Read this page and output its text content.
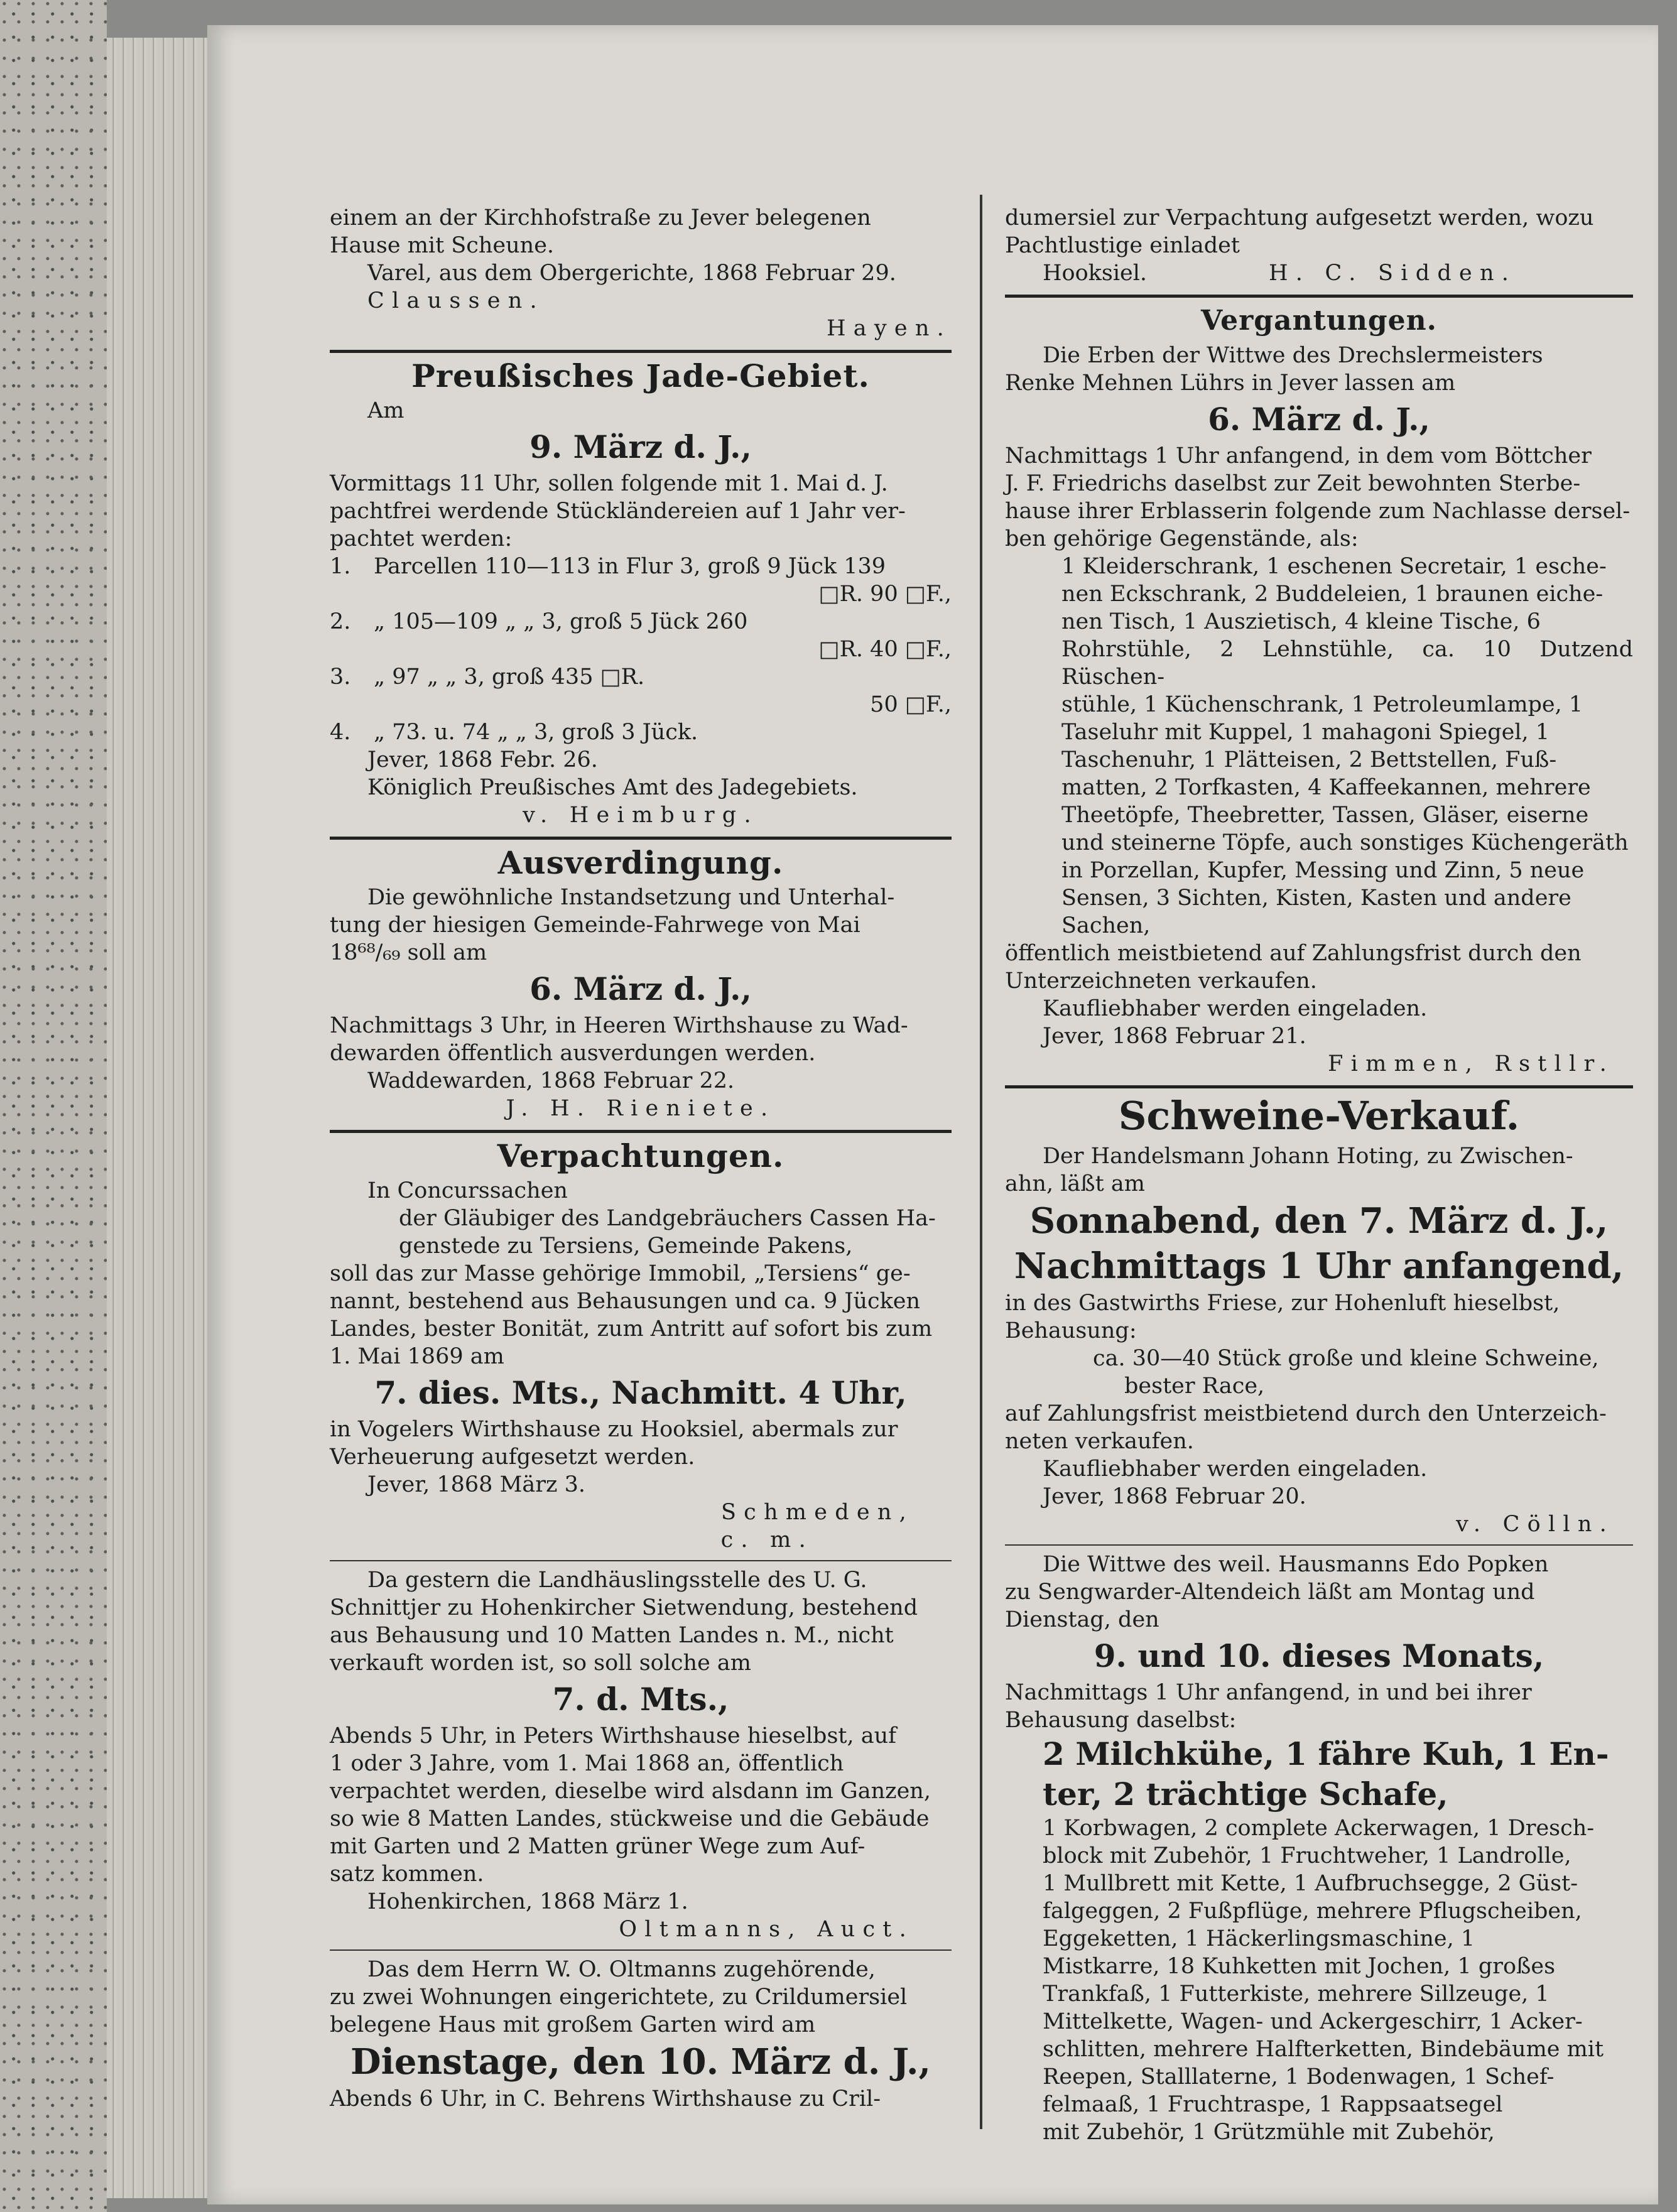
einem an der Kirchhofstraße zu Jever belegenen
Hause mit Scheune.
Varel, aus dem Obergerichte, 1868 Februar 29.
Claussen.
Hayen.
Preußisches Jade-Gebiet.
Am
9. März d. J.,
Vormittags 11 Uhr, sollen folgende mit 1. Mai d. J.
pachtfrei werdende Stückländereien auf 1 Jahr ver-
pachtet werden:
1.	Parcellen 110—113 in Flur 3, groß 9 Jück 139
□R. 90 □F.,
2.	„ 105—109 „ „ 3, groß 5 Jück 260
□R. 40 □F.,
3.	„ 97 „ „ 3, groß 435 □R.
50 □F.,
4.	„ 73. u. 74 „ „ 3, groß 3 Jück.
Jever, 1868 Febr. 26.
Königlich Preußisches Amt des Jadegebiets.
v. Heimburg.
Ausverdingung.
Die gewöhnliche Instandsetzung und Unterhal-
tung der hiesigen Gemeinde-Fahrwege von Mai
18⁶⁸/₆₉ soll am
6. März d. J.,
Nachmittags 3 Uhr, in Heeren Wirthshause zu Wad-
dewarden öffentlich ausverdungen werden.
Waddewarden, 1868 Februar 22.
J. H. Rieniete.
Verpachtungen.
In Concurssachen
der Gläubiger des Landgebräuchers Cassen Ha-
genstede zu Tersiens, Gemeinde Pakens,
soll das zur Masse gehörige Immobil, „Tersiens“ ge-
nannt, bestehend aus Behausungen und ca. 9 Jücken
Landes, bester Bonität, zum Antritt auf sofort bis zum
1. Mai 1869 am
7. dies. Mts., Nachmitt. 4 Uhr,
in Vogelers Wirthshause zu Hooksiel, abermals zur
Verheuerung aufgesetzt werden.
Jever, 1868 März 3.
Schmeden,
c. m.
Da gestern die Landhäuslingsstelle des U. G.
Schnittjer zu Hohenkircher Sietwendung, bestehend
aus Behausung und 10 Matten Landes n. M., nicht
verkauft worden ist, so soll solche am
7. d. Mts.,
Abends 5 Uhr, in Peters Wirthshause hieselbst, auf
1 oder 3 Jahre, vom 1. Mai 1868 an, öffentlich
verpachtet werden, dieselbe wird alsdann im Ganzen,
so wie 8 Matten Landes, stückweise und die Gebäude
mit Garten und 2 Matten grüner Wege zum Auf-
satz kommen.
Hohenkirchen, 1868 März 1.
Oltmanns, Auct.
Das dem Herrn W. O. Oltmanns zugehörende,
zu zwei Wohnungen eingerichtete, zu Crildumersiel
belegene Haus mit großem Garten wird am
Dienstage, den 10. März d. J.,
Abends 6 Uhr, in C. Behrens Wirthshause zu Cril-
dumersiel zur Verpachtung aufgesetzt werden, wozu
Pachtlustige einladet
Hooksiel.	H. C. Sidden.
Vergantungen.
Die Erben der Wittwe des Drechslermeisters
Renke Mehnen Lührs in Jever lassen am
6. März d. J.,
Nachmittags 1 Uhr anfangend, in dem vom Böttcher
J. F. Friedrichs daselbst zur Zeit bewohnten Sterbe-
hause ihrer Erblasserin folgende zum Nachlasse dersel-
ben gehörige Gegenstände, als:
1 Kleiderschrank, 1 eschenen Secretair, 1 esche-
nen Eckschrank, 2 Buddeleien, 1 braunen eiche-
nen Tisch, 1 Auszietisch, 4 kleine Tische, 6
Rohrstühle, 2 Lehnstühle, ca. 10 Dutzend Rüschen-
stühle, 1 Küchenschrank, 1 Petroleumlampe, 1
Taseluhr mit Kuppel, 1 mahagoni Spiegel, 1
Taschenuhr, 1 Plätteisen, 2 Bettstellen, Fuß-
matten, 2 Torfkasten, 4 Kaffeekannen, mehrere
Theetöpfe, Theebretter, Tassen, Gläser, eiserne
und steinerne Töpfe, auch sonstiges Küchengeräth
in Porzellan, Kupfer, Messing und Zinn, 5 neue
Sensen, 3 Sichten, Kisten, Kasten und andere
Sachen,
öffentlich meistbietend auf Zahlungsfrist durch den
Unterzeichneten verkaufen.
Kaufliebhaber werden eingeladen.
Jever, 1868 Februar 21.
Fimmen, Rstllr.
Schweine-Verkauf.
Der Handelsmann Johann Hoting, zu Zwischen-
ahn, läßt am
Sonnabend, den 7. März d. J.,
Nachmittags 1 Uhr anfangend,
in des Gastwirths Friese, zur Hohenluft hieselbst,
Behausung:
ca. 30—40 Stück große und kleine Schweine,
bester Race,
auf Zahlungsfrist meistbietend durch den Unterzeich-
neten verkaufen.
Kaufliebhaber werden eingeladen.
Jever, 1868 Februar 20.
v. Cölln.
Die Wittwe des weil. Hausmanns Edo Popken
zu Sengwarder-Altendeich läßt am Montag und
Dienstag, den
9. und 10. dieses Monats,
Nachmittags 1 Uhr anfangend, in und bei ihrer
Behausung daselbst:
2 Milchkühe, 1 fähre Kuh, 1 En-
ter, 2 trächtige Schafe,
1 Korbwagen, 2 complete Ackerwagen, 1 Dresch-
block mit Zubehör, 1 Fruchtweher, 1 Landrolle,
1 Mullbrett mit Kette, 1 Aufbruchsegge, 2 Güst-
falgeggen, 2 Fußpflüge, mehrere Pflugscheiben,
Eggeketten, 1 Häckerlingsmaschine, 1
Mistkarre, 18 Kuhketten mit Jochen, 1 großes
Trankfaß, 1 Futterkiste, mehrere Sillzeuge, 1
Mittelkette, Wagen- und Ackergeschirr, 1 Acker-
schlitten, mehrere Halfterketten, Bindebäume mit
Reepen, Stalllaterne, 1 Bodenwagen, 1 Schef-
felmaaß, 1 Fruchtraspe, 1 Rappsaatsegel
mit Zubehör, 1 Grützmühle mit Zubehör,
